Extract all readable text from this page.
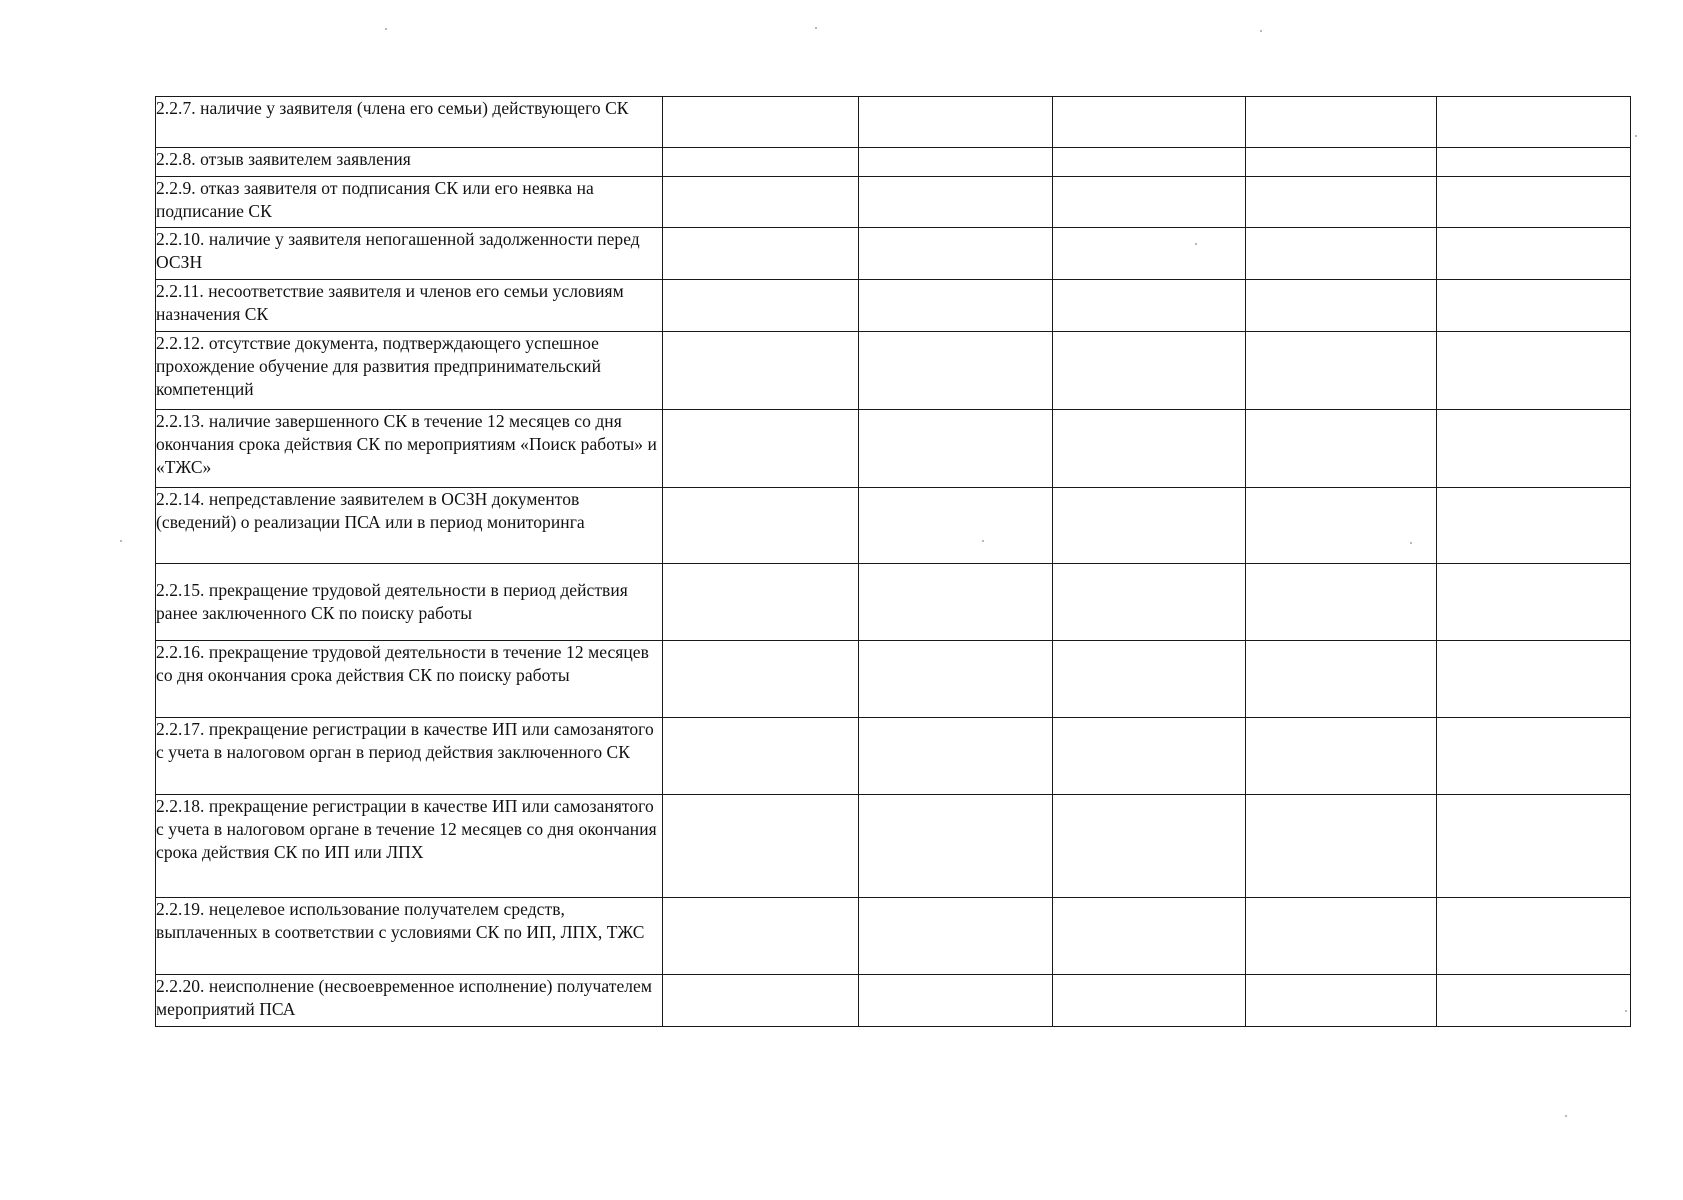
2.2.7. наличие у заявителя (члена его семьи) действующего СК					
2.2.8. отзыв заявителем заявления					
2.2.9. отказ заявителя от подписания СК или его неявка на подписание СК					
2.2.10. наличие у заявителя непогашенной задолженности перед ОСЗН					
2.2.11. несоответствие заявителя и членов его семьи условиям назначения СК					
2.2.12. отсутствие документа, подтверждающего успешное прохождение обучение для развития предпринимательский компетенций					
2.2.13. наличие завершенного СК в течение 12 месяцев со дня окончания срока действия СК по мероприятиям «Поиск работы» и «ТЖС»					
2.2.14. непредставление заявителем в ОСЗН документов (сведений) о реализации ПСА или в период мониторинга					
2.2.15. прекращение трудовой деятельности в период действия ранее заключенного СК по поиску работы					
2.2.16. прекращение трудовой деятельности в течение 12 месяцев со дня окончания срока действия СК по поиску работы					
2.2.17. прекращение регистрации в качестве ИП или самозанятого с учета в налоговом орган в период действия заключенного СК					
2.2.18. прекращение регистрации в качестве ИП или самозанятого с учета в налоговом органе в течение 12 месяцев со дня окончания срока действия СК по ИП или ЛПХ					
2.2.19. нецелевое использование получателем средств, выплаченных в соответствии с условиями СК по ИП, ЛПХ, ТЖС					
2.2.20. неисполнение (несвоевременное исполнение) получателем мероприятий ПСА					
